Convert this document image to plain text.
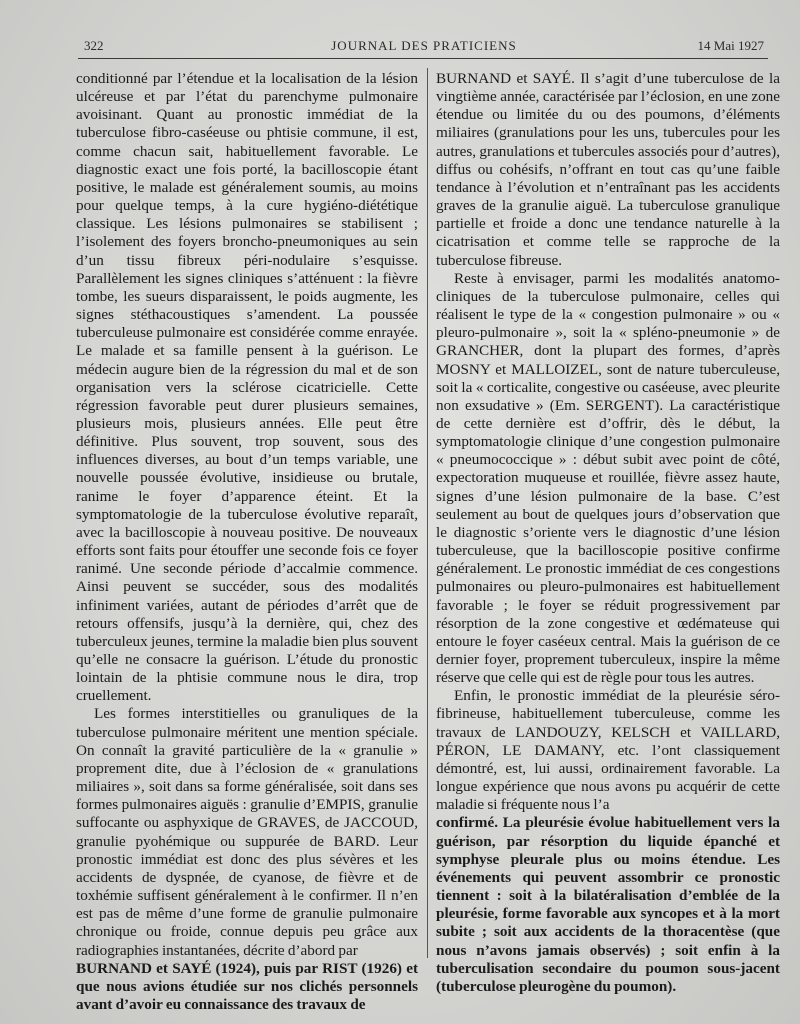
322	JOURNAL DES PRATICIENS	14 Mai 1927

conditionné par l’étendue et la localisation de la lésion ulcéreuse et par l’état du parenchyme pulmonaire avoisinant. Quant au pronostic immédiat de la tuberculose fibro-caséeuse ou phtisie commune, il est, comme chacun sait, habituellement favorable. Le diagnostic exact une fois porté, la bacilloscopie étant positive, le malade est généralement soumis, au moins pour quelque temps, à la cure hygiéno-diététique classique. Les lésions pulmonaires se stabilisent ; l’isolement des foyers broncho-pneumoniques au sein d’un tissu fibreux péri-nodulaire s’esquisse. Parallèlement les signes cliniques s’atténuent : la fièvre tombe, les sueurs disparaissent, le poids augmente, les signes stéthacoustiques s’amendent. La poussée tuberculeuse pulmonaire est considérée comme enrayée. Le malade et sa famille pensent à la guérison. Le médecin augure bien de la régression du mal et de son organisation vers la sclérose cicatricielle. Cette régression favorable peut durer plusieurs semaines, plusieurs mois, plusieurs années. Elle peut être définitive. Plus souvent, trop souvent, sous des influences diverses, au bout d’un temps variable, une nouvelle poussée évolutive, insidieuse ou brutale, ranime le foyer d’apparence éteint. Et la symptomatologie de la tuberculose évolutive reparaît, avec la bacilloscopie à nouveau positive. De nouveaux efforts sont faits pour étouffer une seconde fois ce foyer ranimé. Une seconde période d’accalmie commence. Ainsi peuvent se succéder, sous des modalités infiniment variées, autant de périodes d’arrêt que de retours offensifs, jusqu’à la dernière, qui, chez des tuberculeux jeunes, termine la maladie bien plus souvent qu’elle ne consacre la guérison. L’étude du pronostic lointain de la phtisie commune nous le dira, trop cruellement.

Les formes interstitielles ou granuliques de la tuberculose pulmonaire méritent une mention spéciale. On connaît la gravité particulière de la « granulie » proprement dite, due à l’éclosion de « granulations miliaires », soit dans sa forme généralisée, soit dans ses formes pulmonaires aiguës : granulie d’EMPIS, granulie suffocante ou asphyxique de GRAVES, de JACCOUD, granulie pyohémique ou suppurée de BARD. Leur pronostic immédiat est donc des plus sévères et les accidents de dyspnée, de cyanose, de fièvre et de toxhémie suffisent généralement à le confirmer. Il n’en est pas de même d’une forme de granulie pulmonaire chronique ou froide, connue depuis peu grâce aux radiographies instantanées, décrite d’abord par

BURNAND et SAYÉ (1924), puis par RIST (1926) et que nous avions étudiée sur nos clichés personnels avant d’avoir eu connaissance des travaux de

BURNAND et SAYÉ. Il s’agit d’une tuberculose de la vingtième année, caractérisée par l’éclosion, en une zone étendue ou limitée du ou des poumons, d’éléments miliaires (granulations pour les uns, tubercules pour les autres, granulations et tubercules associés pour d’autres), diffus ou cohésifs, n’offrant en tout cas qu’une faible tendance à l’évolution et n’entraînant pas les accidents graves de la granulie aiguë. La tuberculose granulique partielle et froide a donc une tendance naturelle à la cicatrisation et comme telle se rapproche de la tuberculose fibreuse.

Reste à envisager, parmi les modalités anatomo-cliniques de la tuberculose pulmonaire, celles qui réalisent le type de la « congestion pulmonaire » ou « pleuro-pulmonaire », soit la « spléno-pneumonie » de GRANCHER, dont la plupart des formes, d’après MOSNY et MALLOIZEL, sont de nature tuberculeuse, soit la « corticalite, congestive ou caséeuse, avec pleurite non exsudative » (Em. SERGENT). La caractéristique de cette dernière est d’offrir, dès le début, la symptomatologie clinique d’une congestion pulmonaire « pneumococcique » : début subit avec point de côté, expectoration muqueuse et rouillée, fièvre assez haute, signes d’une lésion pulmonaire de la base. C’est seulement au bout de quelques jours d’observation que le diagnostic s’oriente vers le diagnostic d’une lésion tuberculeuse, que la bacilloscopie positive confirme généralement. Le pronostic immédiat de ces congestions pulmonaires ou pleuro-pulmonaires est habituellement favorable ; le foyer se réduit progressivement par résorption de la zone congestive et œdémateuse qui entoure le foyer caséeux central. Mais la guérison de ce dernier foyer, proprement tuberculeux, inspire la même réserve que celle qui est de règle pour tous les autres.

Enfin, le pronostic immédiat de la pleurésie séro-fibrineuse, habituellement tuberculeuse, comme les travaux de LANDOUZY, KELSCH et VAILLARD, PÉRON, LE DAMANY, etc. l’ont classiquement démontré, est, lui aussi, ordinairement favorable. La longue expérience que nous avons pu acquérir de cette maladie si fréquente nous l’a

confirmé. La pleurésie évolue habituellement vers la guérison, par résorption du liquide épanché et symphyse pleurale plus ou moins étendue. Les événements qui peuvent assombrir ce pronostic tiennent : soit à la bilatéralisation d’emblée de la pleurésie, forme favorable aux syncopes et à la mort subite ; soit aux accidents de la thoracentèse (que nous n’avons jamais observés) ; soit enfin à la tuberculisation secondaire du poumon sous-jacent (tuberculose pleurogène du poumon).
